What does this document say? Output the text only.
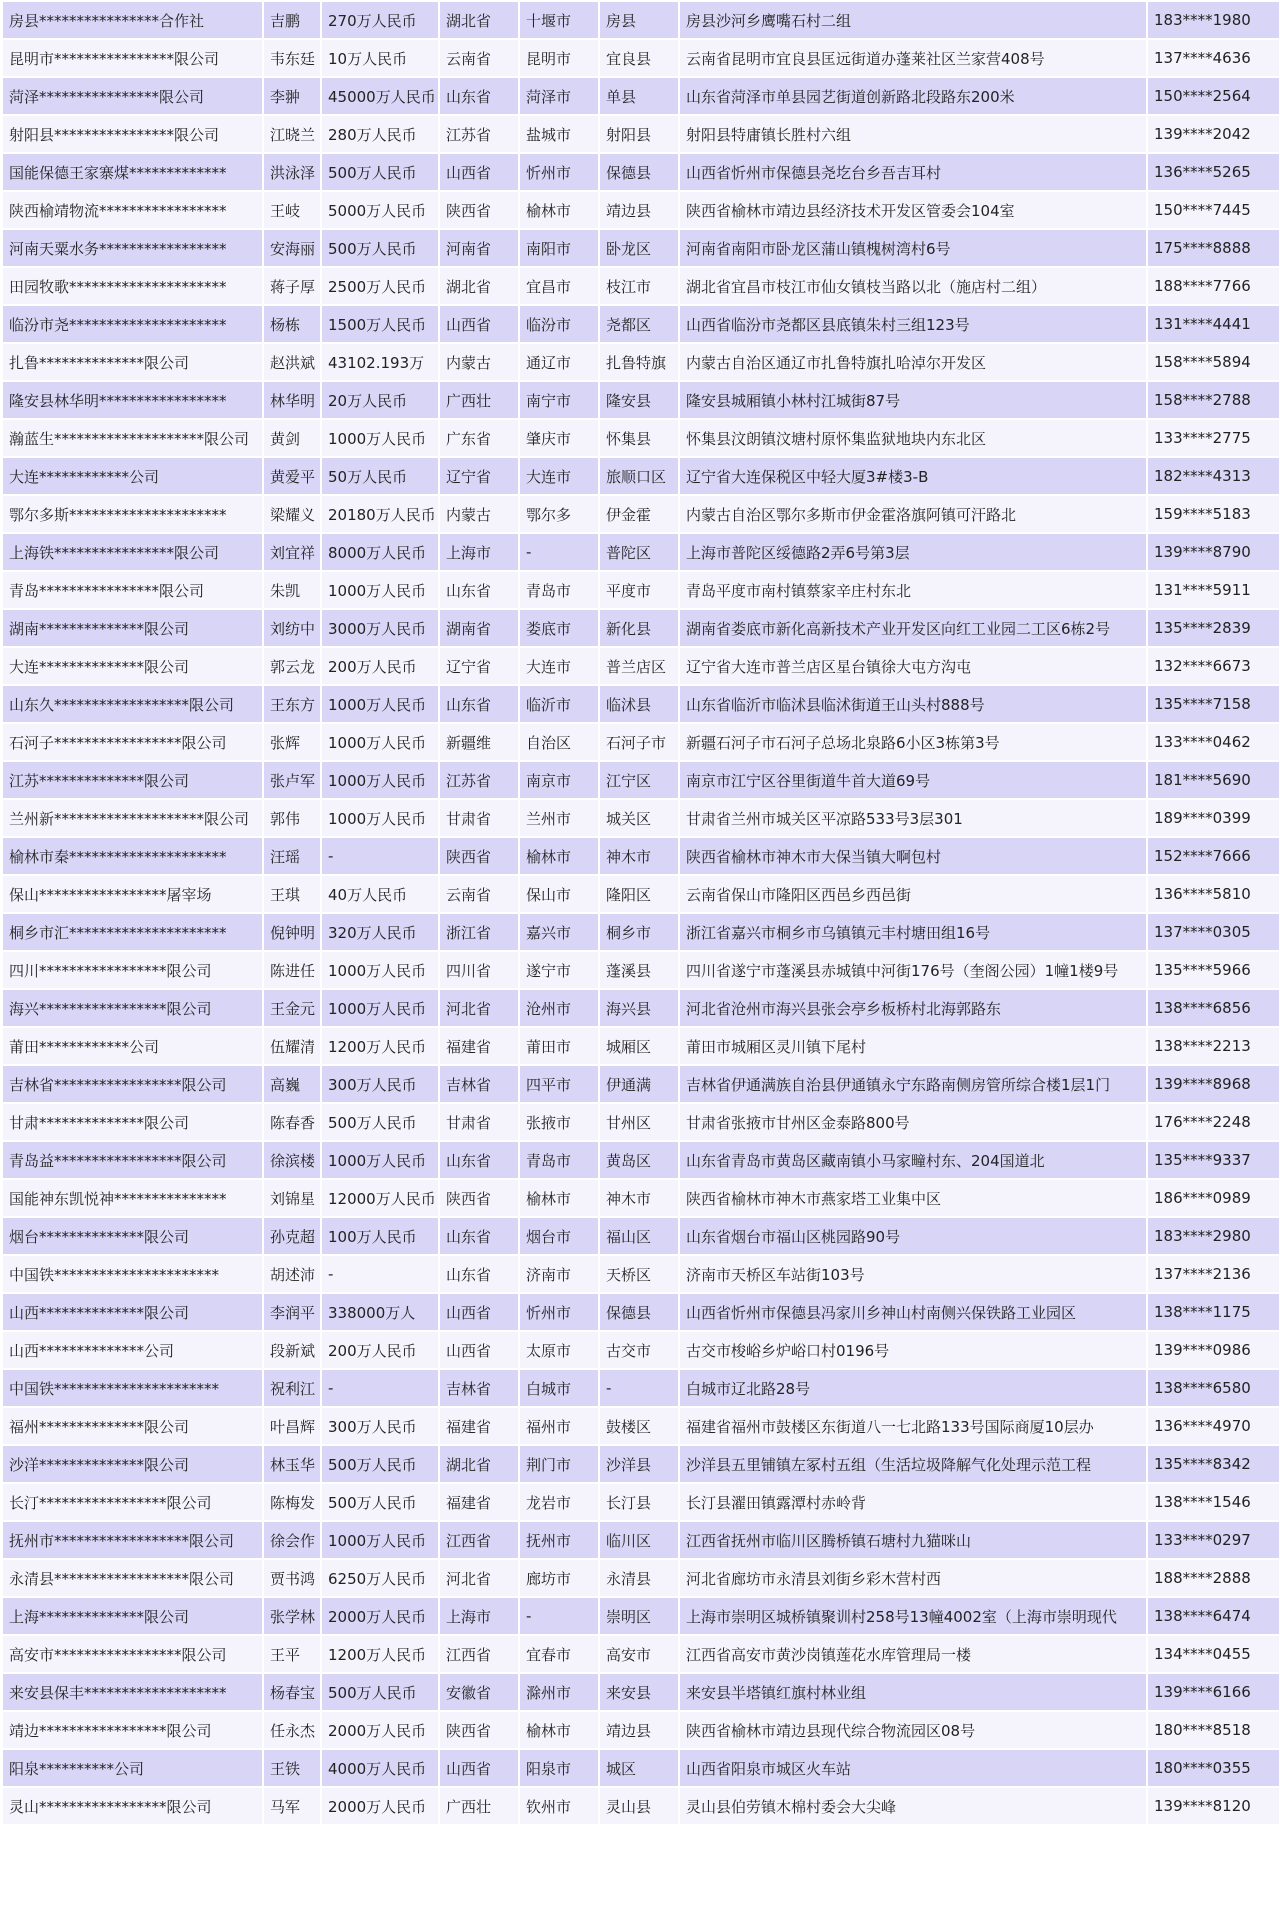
房县****************合作社	吉鹏	270万人民币	湖北省	十堰市	房县	房县沙河乡鹰嘴石村二组	183****1980
昆明市****************限公司	韦东廷	10万人民币	云南省	昆明市	宜良县	云南省昆明市宜良县匡远街道办蓬莱社区兰家营408号	137****4636
菏泽****************限公司	李翀	45000万人民币	山东省	菏泽市	单县	山东省菏泽市单县园艺街道创新路北段路东200米	150****2564
射阳县****************限公司	江晓兰	280万人民币	江苏省	盐城市	射阳县	射阳县特庸镇长胜村六组	139****2042
国能保德王家寨煤*************	洪泳泽	500万人民币	山西省	忻州市	保德县	山西省忻州市保德县尧圪台乡吾吉耳村	136****5265
陕西榆靖物流*****************	王岐	5000万人民币	陕西省	榆林市	靖边县	陕西省榆林市靖边县经济技术开发区管委会104室	150****7445
河南天粟水务*****************	安海丽	500万人民币	河南省	南阳市	卧龙区	河南省南阳市卧龙区蒲山镇槐树湾村6号	175****8888
田园牧歌*********************	蒋子厚	2500万人民币	湖北省	宜昌市	枝江市	湖北省宜昌市枝江市仙女镇枝当路以北（施店村二组）	188****7766
临汾市尧*********************	杨栋	1500万人民币	山西省	临汾市	尧都区	山西省临汾市尧都区县底镇朱村三组123号	131****4441
扎鲁**************限公司	赵洪斌	43102.193万	内蒙古	通辽市	扎鲁特旗	内蒙古自治区通辽市扎鲁特旗扎哈淖尔开发区	158****5894
隆安县林华明*****************	林华明	20万人民币	广西壮	南宁市	隆安县	隆安县城厢镇小林村江城街87号	158****2788
瀚蓝生********************限公司	黄剑	1000万人民币	广东省	肇庆市	怀集县	怀集县汶朗镇汶塘村原怀集监狱地块内东北区	133****2775
大连************公司	黄爱平	50万人民币	辽宁省	大连市	旅顺口区	辽宁省大连保税区中轻大厦3#楼3-B	182****4313
鄂尔多斯*********************	梁耀义	20180万人民币	内蒙古	鄂尔多	伊金霍	内蒙古自治区鄂尔多斯市伊金霍洛旗阿镇可汗路北	159****5183
上海铁****************限公司	刘宜祥	8000万人民币	上海市	-	普陀区	上海市普陀区绥德路2弄6号第3层	139****8790
青岛****************限公司	朱凯	1000万人民币	山东省	青岛市	平度市	青岛平度市南村镇蔡家辛庄村东北	131****5911
湖南**************限公司	刘纺中	3000万人民币	湖南省	娄底市	新化县	湖南省娄底市新化高新技术产业开发区向红工业园二工区6栋2号	135****2839
大连**************限公司	郭云龙	200万人民币	辽宁省	大连市	普兰店区	辽宁省大连市普兰店区星台镇徐大屯方沟屯	132****6673
山东久******************限公司	王东方	1000万人民币	山东省	临沂市	临沭县	山东省临沂市临沭县临沭街道王山头村888号	135****7158
石河子*****************限公司	张辉	1000万人民币	新疆维	自治区	石河子市	新疆石河子市石河子总场北泉路6小区3栋第3号	133****0462
江苏**************限公司	张卢军	1000万人民币	江苏省	南京市	江宁区	南京市江宁区谷里街道牛首大道69号	181****5690
兰州新********************限公司	郭伟	1000万人民币	甘肃省	兰州市	城关区	甘肃省兰州市城关区平凉路533号3层301	189****0399
榆林市秦*********************	汪瑶	-	陕西省	榆林市	神木市	陕西省榆林市神木市大保当镇大啊包村	152****7666
保山*****************屠宰场	王琪	40万人民币	云南省	保山市	隆阳区	云南省保山市隆阳区西邑乡西邑街	136****5810
桐乡市汇*********************	倪钟明	320万人民币	浙江省	嘉兴市	桐乡市	浙江省嘉兴市桐乡市乌镇镇元丰村塘田组16号	137****0305
四川*****************限公司	陈进任	1000万人民币	四川省	遂宁市	蓬溪县	四川省遂宁市蓬溪县赤城镇中河街176号（奎阁公园）1幢1楼9号	135****5966
海兴*****************限公司	王金元	1000万人民币	河北省	沧州市	海兴县	河北省沧州市海兴县张会亭乡板桥村北海郭路东	138****6856
莆田************公司	伍耀清	1200万人民币	福建省	莆田市	城厢区	莆田市城厢区灵川镇下尾村	138****2213
吉林省*****************限公司	高巍	300万人民币	吉林省	四平市	伊通满	吉林省伊通满族自治县伊通镇永宁东路南侧房管所综合楼1层1门	139****8968
甘肃**************限公司	陈春香	500万人民币	甘肃省	张掖市	甘州区	甘肃省张掖市甘州区金泰路800号	176****2248
青岛益*****************限公司	徐滨楼	1000万人民币	山东省	青岛市	黄岛区	山东省青岛市黄岛区藏南镇小马家疃村东、204国道北	135****9337
国能神东凯悦神***************	刘锦星	12000万人民币	陕西省	榆林市	神木市	陕西省榆林市神木市燕家塔工业集中区	186****0989
烟台**************限公司	孙克超	100万人民币	山东省	烟台市	福山区	山东省烟台市福山区桃园路90号	183****2980
中国铁**********************	胡述沛	-	山东省	济南市	天桥区	济南市天桥区车站街103号	137****2136
山西**************限公司	李润平	338000万人	山西省	忻州市	保德县	山西省忻州市保德县冯家川乡神山村南侧兴保铁路工业园区	138****1175
山西**************公司	段新斌	200万人民币	山西省	太原市	古交市	古交市梭峪乡炉峪口村0196号	139****0986
中国铁**********************	祝利江	-	吉林省	白城市	-	白城市辽北路28号	138****6580
福州**************限公司	叶昌辉	300万人民币	福建省	福州市	鼓楼区	福建省福州市鼓楼区东街道八一七北路133号国际商厦10层办	136****4970
沙洋**************限公司	林玉华	500万人民币	湖北省	荆门市	沙洋县	沙洋县五里铺镇左冢村五组（生活垃圾降解气化处理示范工程	135****8342
长汀*****************限公司	陈梅发	500万人民币	福建省	龙岩市	长汀县	长汀县濯田镇露潭村赤岭背	138****1546
抚州市******************限公司	徐会作	1000万人民币	江西省	抚州市	临川区	江西省抚州市临川区腾桥镇石塘村九猫咪山	133****0297
永清县******************限公司	贾书鸿	6250万人民币	河北省	廊坊市	永清县	河北省廊坊市永清县刘街乡彩木营村西	188****2888
上海**************限公司	张学林	2000万人民币	上海市	-	崇明区	上海市崇明区城桥镇聚训村258号13幢4002室（上海市崇明现代	138****6474
高安市*****************限公司	王平	1200万人民币	江西省	宜春市	高安市	江西省高安市黄沙岗镇莲花水库管理局一楼	134****0455
来安县保丰*******************	杨春宝	500万人民币	安徽省	滁州市	来安县	来安县半塔镇红旗村林业组	139****6166
靖边*****************限公司	任永杰	2000万人民币	陕西省	榆林市	靖边县	陕西省榆林市靖边县现代综合物流园区08号	180****8518
阳泉**********公司	王铁	4000万人民币	山西省	阳泉市	城区	山西省阳泉市城区火车站	180****0355
灵山*****************限公司	马军	2000万人民币	广西壮	钦州市	灵山县	灵山县伯劳镇木棉村委会大尖峰	139****8120
